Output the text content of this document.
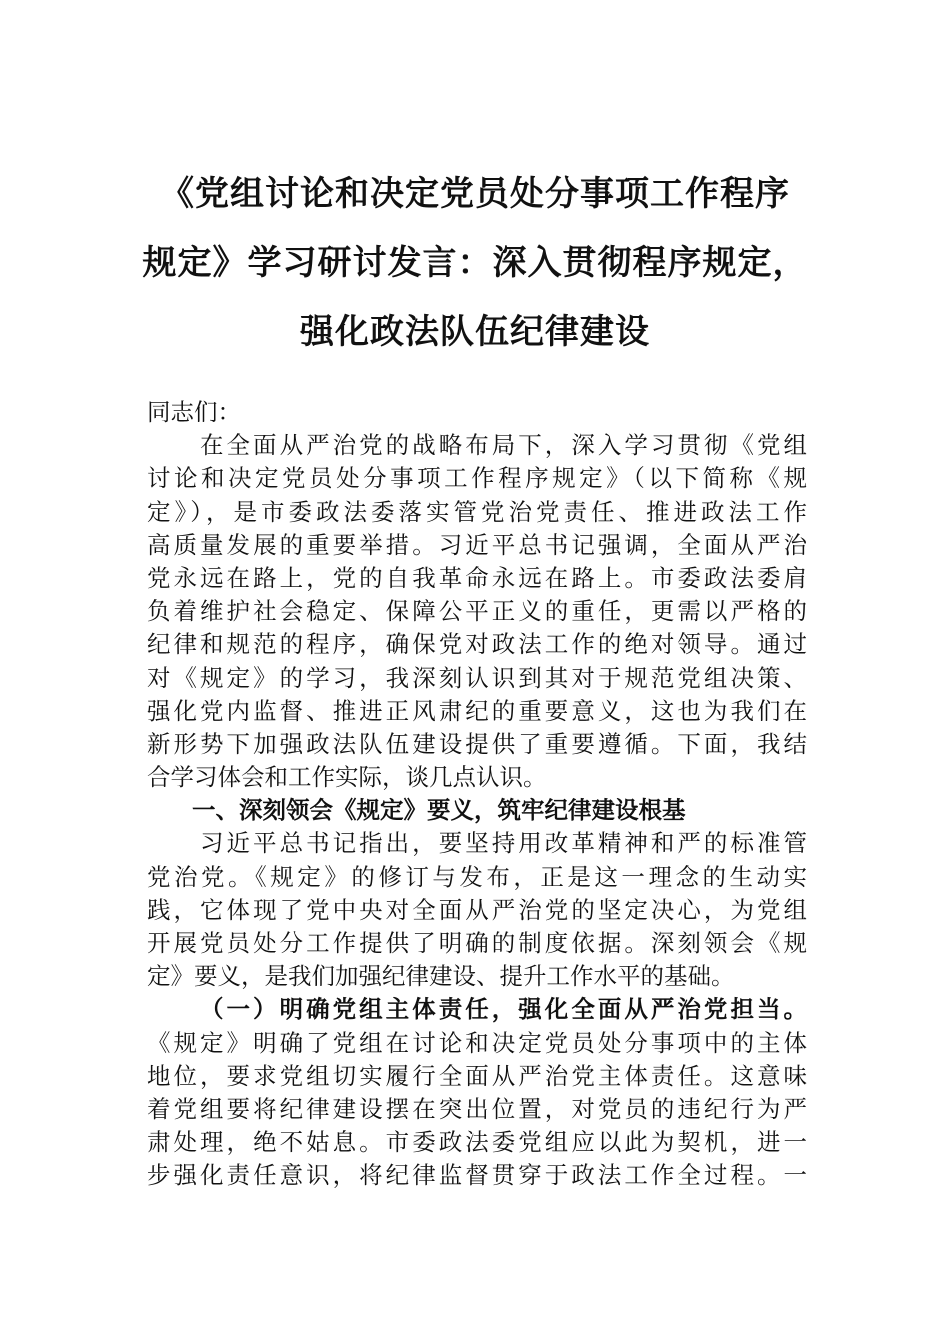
《党组讨论和决定党员处分事项工作程序
规定》学习研讨发言：深入贯彻程序规定，
强化政法队伍纪律建设
同志们：
在全面从严治党的战略布局下，深入学习贯彻《党组
讨论和决定党员处分事项工作程序规定》（以下简称《规
定》），是市委政法委落实管党治党责任、推进政法工作
高质量发展的重要举措。习近平总书记强调，全面从严治
党永远在路上，党的自我革命永远在路上。市委政法委肩
负着维护社会稳定、保障公平正义的重任，更需以严格的
纪律和规范的程序，确保党对政法工作的绝对领导。通过
对《规定》的学习，我深刻认识到其对于规范党组决策、
强化党内监督、推进正风肃纪的重要意义，这也为我们在
新形势下加强政法队伍建设提供了重要遵循。下面，我结
合学习体会和工作实际，谈几点认识。
一、深刻领会《规定》要义，筑牢纪律建设根基
习近平总书记指出，要坚持用改革精神和严的标准管
党治党。《规定》的修订与发布，正是这一理念的生动实
践，它体现了党中央对全面从严治党的坚定决心，为党组
开展党员处分工作提供了明确的制度依据。深刻领会《规
定》要义，是我们加强纪律建设、提升工作水平的基础。
（一）明确党组主体责任，强化全面从严治党担当。
《规定》明确了党组在讨论和决定党员处分事项中的主体
地位，要求党组切实履行全面从严治党主体责任。这意味
着党组要将纪律建设摆在突出位置，对党员的违纪行为严
肃处理，绝不姑息。市委政法委党组应以此为契机，进一
步强化责任意识，将纪律监督贯穿于政法工作全过程。一
